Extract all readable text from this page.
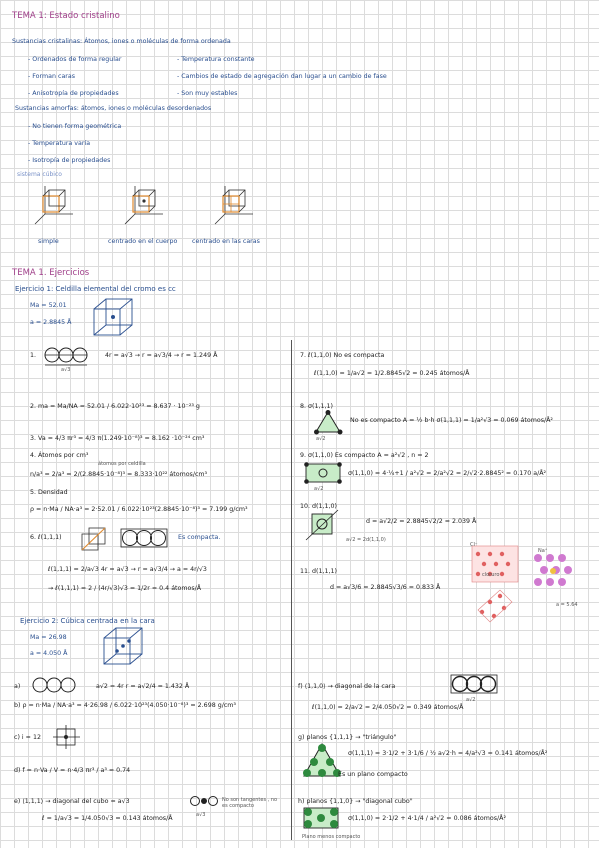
TEMA 1: Estado cristalino
Sustancias cristalinas: Átomos, iones o moléculas de forma ordenada
- Ordenados de forma regular
- Forman caras
- Anisotropía de propiedades
- Temperatura constante
- Cambios de estado de agregación dan lugar a un cambio de fase
- Son muy estables
Sustancias amorfas: átomos, iones o moléculas desordenados
- No tienen forma geométrica
- Temperatura varía
- Isotropía de propiedades
sistema cúbico
simple	centrado en el cuerpo centrado en las caras
TEMA 1. Ejercicios
Ejercicio 1: Celdilla elemental del cromo es cc
Ma = 52.01
a = 2.8845 Å
1.
a√3
4r = a√3 → r = a√3/4 → r = 1.249 Å
2. ma = Ma/NA = 52.01 / 6.022·10²³ = 8.637 · 10⁻²³ g
3. Va = 4/3 πr³ = 4/3 π(1.249·10⁻⁸)³ = 8.162 ·10⁻²⁴ cm³
4. Átomos por cm³
átomos por celdilla
n/a³ = 2/a³ = 2/(2.8845·10⁻⁸)³ = 8.333·10²² átomos/cm³
5. Densidad
ρ = n·Ma / NA·a³ = 2·52.01 / 6.022·10²³(2.8845·10⁻⁸)³ = 7.199 g/cm³
6. ℓ(1,1,1)	Es compacta.
ℓ(1,1,1) = 2/a√3 4r = a√3 → r = a√3/4 → a = 4r/√3
→ ℓ(1,1,1) = 2 / (4r/√3)√3 = 1/2r = 0.4 átomos/Å
7. ℓ(1,1,0) No es compacta
ℓ(1,1,0) = 1/a√2 = 1/2.8845√2 = 0.245 átomos/Å
8. σ(1,1,1)
No es compacto A = ½ b·h σ(1,1,1) = 1/a²√3 = 0.069 átomos/Å²
a√2
9. σ(1,1,0) Es compacto A = a²√2 , n = 2
σ(1,1,0) = 4·¼+1 / a²√2 = 2/a²√2 = 2/√2·2.8845² = 0.170 a/Å²
a√2
10. d(1,1,0)
d = a√2/2 = 2.8845√2/2 = 2.039 Å
a√2 = 2d(1,1,0)
11. d(1,1,1)
d = a√3/6 = 2.8845√3/6 = 0.833 Å
Cl⁻
Na⁺
cloruro
a = 5.64
Ejercicio 2: Cúbica centrada en la cara
Ma = 26.98
a = 4.050 Å
a)	a√2 = 4r r = a√2/4 = 1.432 Å
b) ρ = n·Ma / NA·a³ = 4·26.98 / 6.022·10²³(4.050·10⁻⁸)³ = 2.698 g/cm³
c) i = 12
d) f = n·Va / V = n·4/3 πr³ / a³ = 0.74
e) ⟨1,1,1⟩ → diagonal del cubo = a√3
ℓ = 1/a√3 = 1/4.050√3 = 0.143 átomos/Å	a√3
No son tangentes , no es compacto
f) ⟨1,1,0⟩ → diagonal de la cara
a√2
ℓ(1,1,0) = 2/a√2 = 2/4.050√2 = 0.349 átomos/Å
g) planos {1,1,1} → "triángulo"
σ(1,1,1) = 3·1/2 + 3·1/6 / ½ a√2·h = 4/a²√3 = 0.141 átomos/Å²
Es un plano compacto
h) planos {1,1,0} → "diagonal cubo"
Plano menos compacto
σ(1,1,0) = 2·1/2 + 4·1/4 / a²√2 = 0.086 átomos/Å²
